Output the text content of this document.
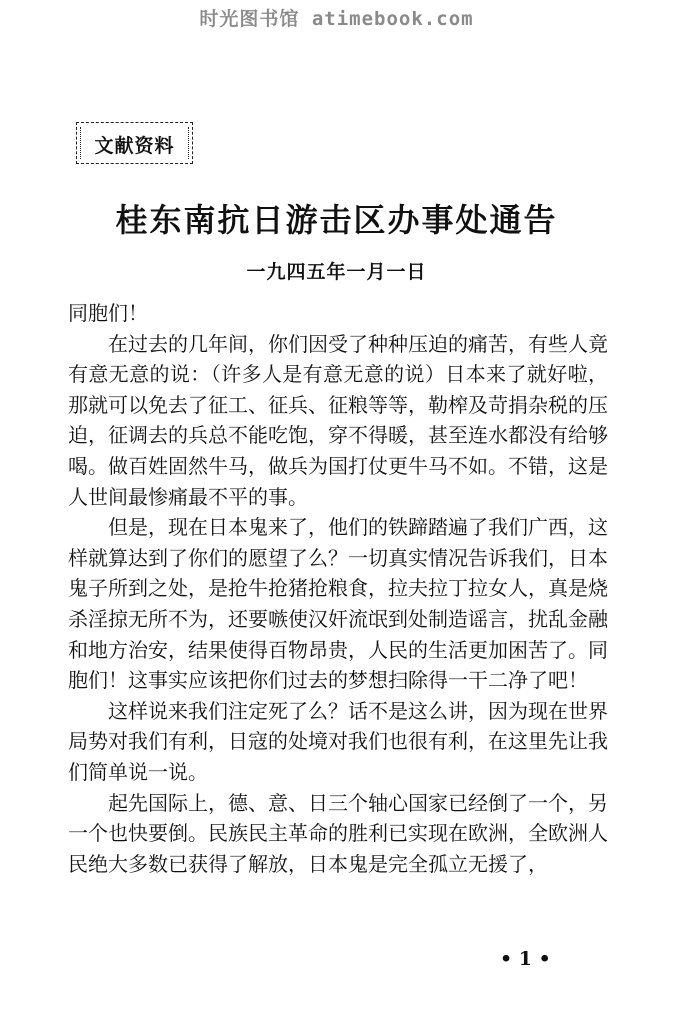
时光图书馆 atimebook.com
文献资料
桂东南抗日游击区办事处通告
一九四五年一月一日

同胞们！

在过去的几年间，你们因受了种种压迫的痛苦，有些人竟有意无意的说：（许多人是有意无意的说）日本来了就好啦，那就可以免去了征工、征兵、征粮等等，勒榨及苛捐杂税的压迫，征调去的兵总不能吃饱，穿不得暖，甚至连水都没有给够喝。做百姓固然牛马，做兵为国打仗更牛马不如。不错，这是人世间最惨痛最不平的事。

但是，现在日本鬼来了，他们的铁蹄踏遍了我们广西，这样就算达到了你们的愿望了么？一切真实情况告诉我们，日本鬼子所到之处，是抢牛抢猪抢粮食，拉夫拉丁拉女人，真是烧杀淫掠无所不为，还要嗾使汉奸流氓到处制造谣言，扰乱金融和地方治安，结果使得百物昂贵，人民的生活更加困苦了。同胞们！这事实应该把你们过去的梦想扫除得一干二净了吧！

这样说来我们注定死了么？话不是这么讲，因为现在世界局势对我们有利，日寇的处境对我们也很有利，在这里先让我们简单说一说。

起先国际上，德、意、日三个轴心国家已经倒了一个，另一个也快要倒。民族民主革命的胜利已实现在欧洲，全欧洲人民绝大多数已获得了解放，日本鬼是完全孤立无援了，

• 1 •
